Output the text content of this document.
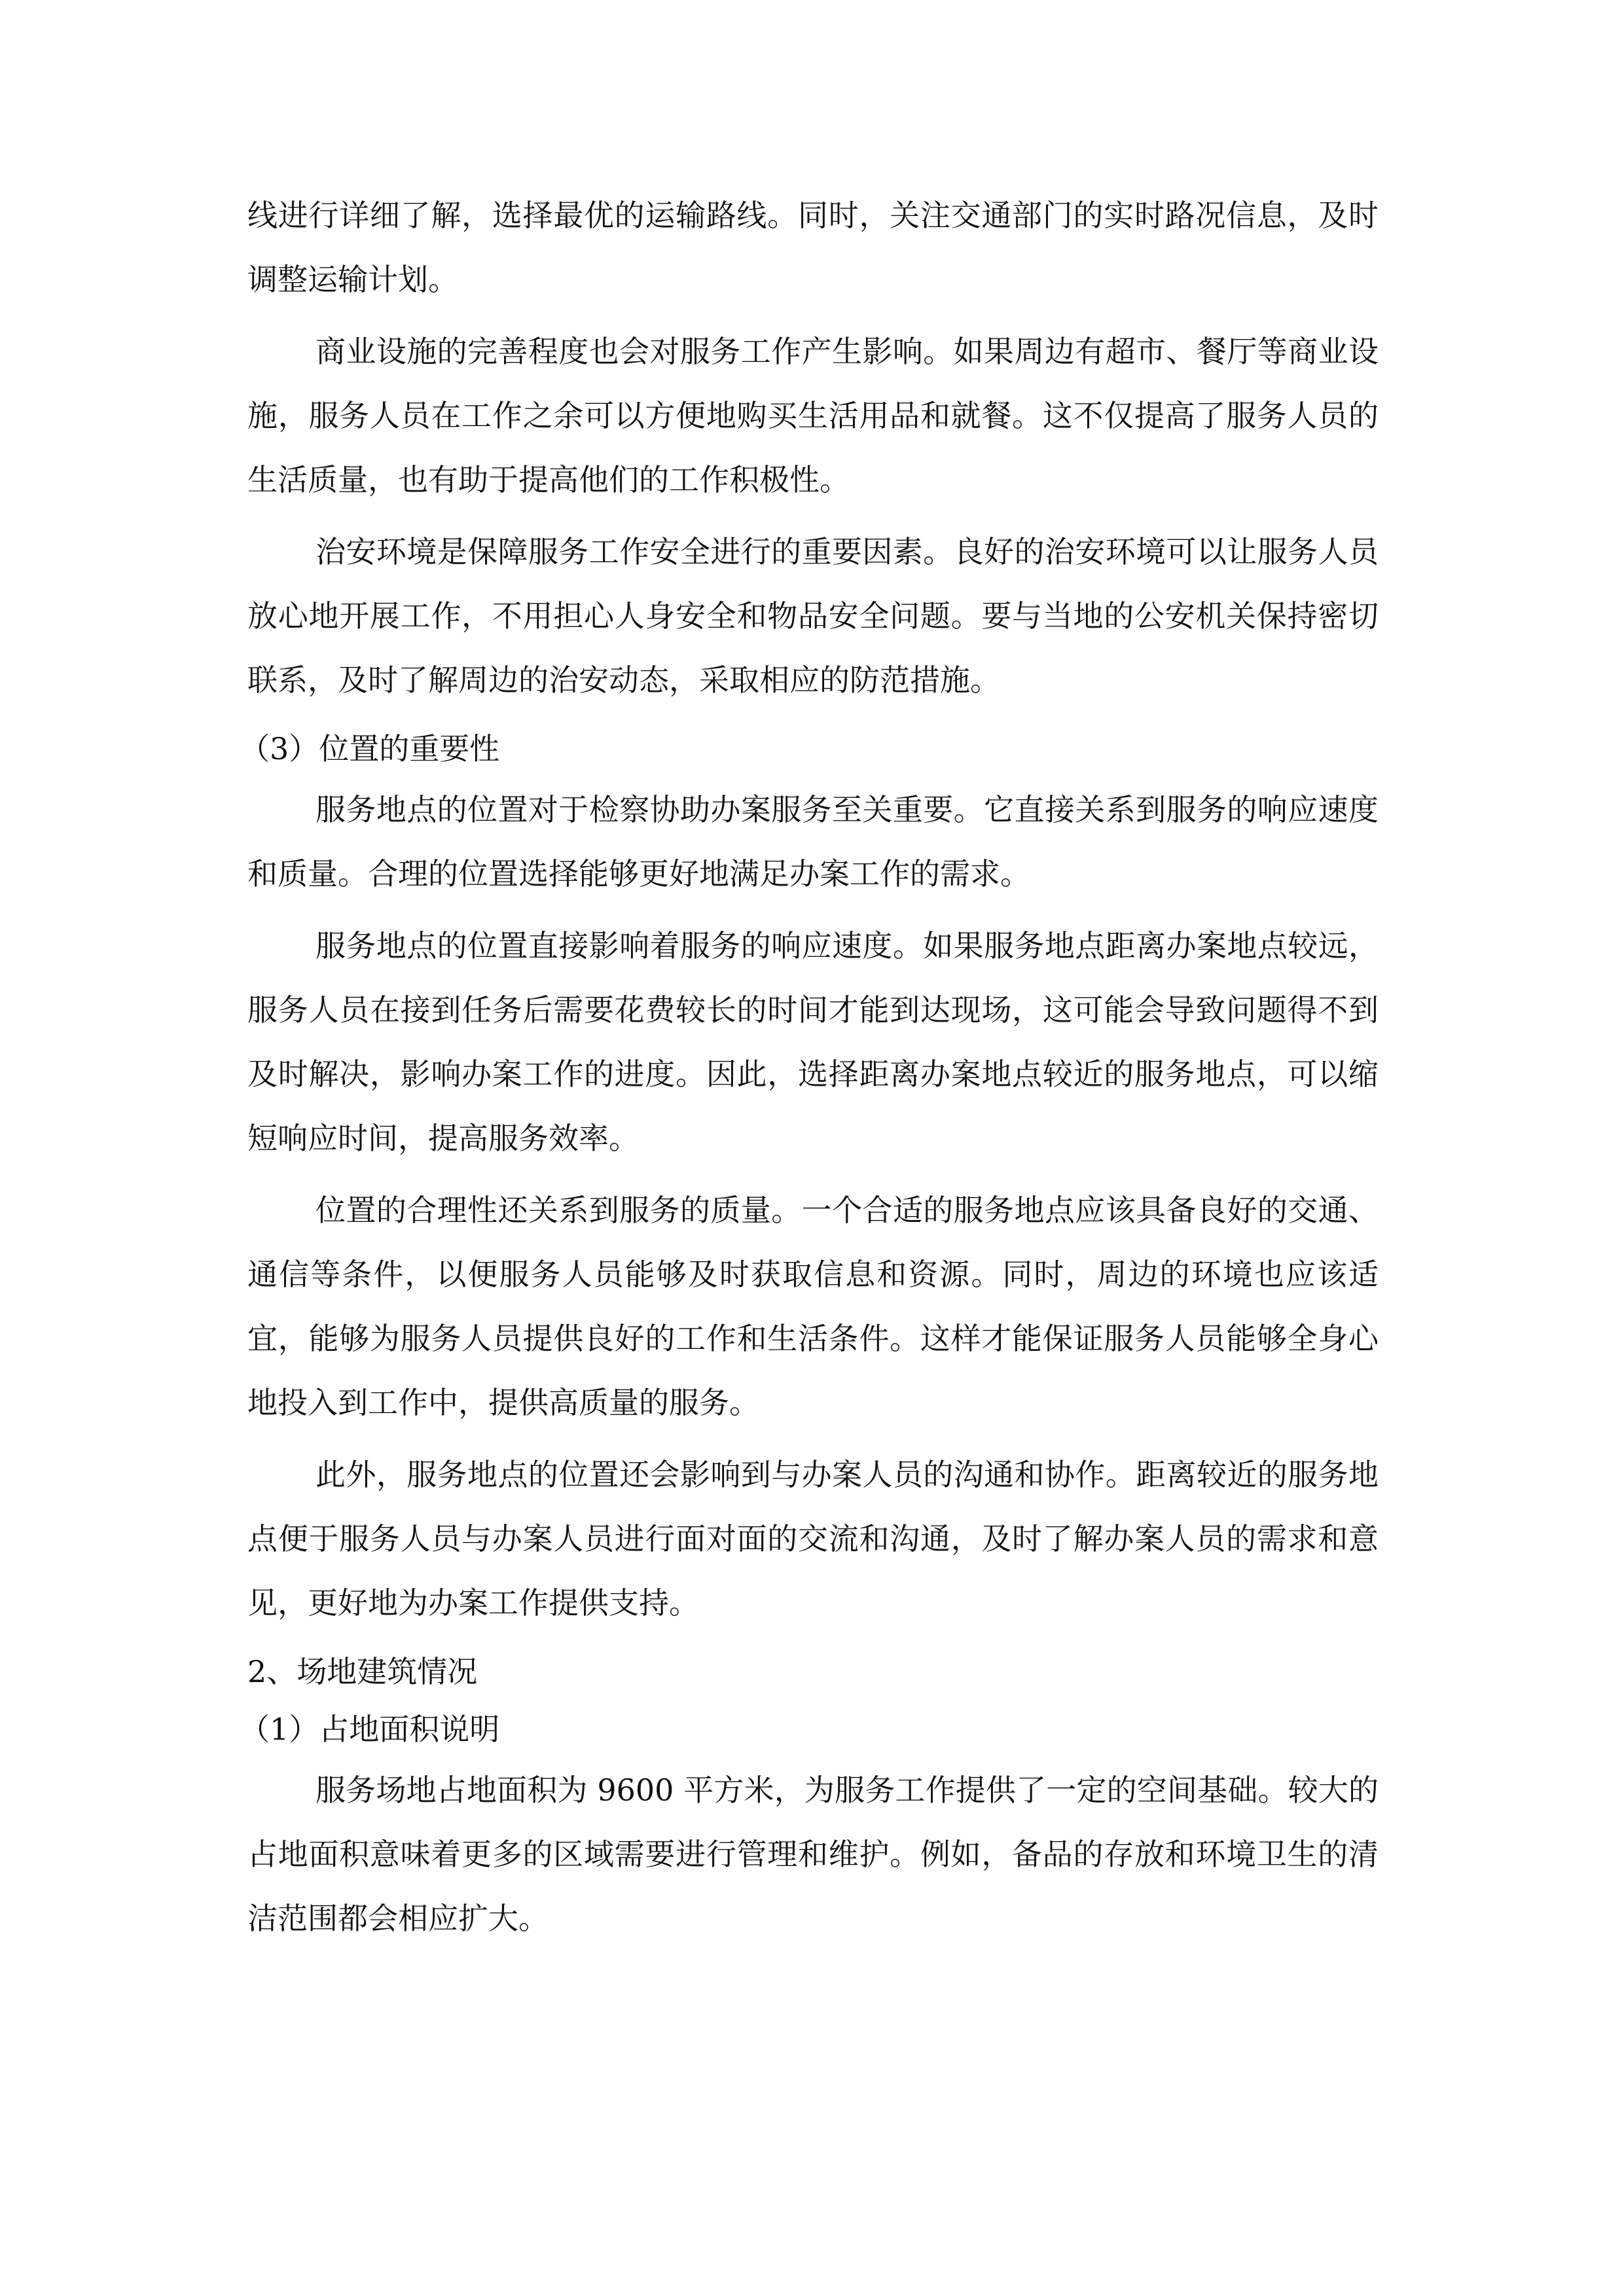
线进行详细了解，选择最优的运输路线。同时，关注交通部门的实时路况信息，及时调整运输计划。

商业设施的完善程度也会对服务工作产生影响。如果周边有超市、餐厅等商业设施，服务人员在工作之余可以方便地购买生活用品和就餐。这不仅提高了服务人员的生活质量，也有助于提高他们的工作积极性。

治安环境是保障服务工作安全进行的重要因素。良好的治安环境可以让服务人员放心地开展工作，不用担心人身安全和物品安全问题。要与当地的公安机关保持密切联系，及时了解周边的治安动态，采取相应的防范措施。

（3）位置的重要性

服务地点的位置对于检察协助办案服务至关重要。它直接关系到服务的响应速度和质量。合理的位置选择能够更好地满足办案工作的需求。

服务地点的位置直接影响着服务的响应速度。如果服务地点距离办案地点较远，服务人员在接到任务后需要花费较长的时间才能到达现场，这可能会导致问题得不到及时解决，影响办案工作的进度。因此，选择距离办案地点较近的服务地点，可以缩短响应时间，提高服务效率。

位置的合理性还关系到服务的质量。一个合适的服务地点应该具备良好的交通、通信等条件，以便服务人员能够及时获取信息和资源。同时，周边的环境也应该适宜，能够为服务人员提供良好的工作和生活条件。这样才能保证服务人员能够全身心地投入到工作中，提供高质量的服务。

此外，服务地点的位置还会影响到与办案人员的沟通和协作。距离较近的服务地点便于服务人员与办案人员进行面对面的交流和沟通，及时了解办案人员的需求和意见，更好地为办案工作提供支持。

2、场地建筑情况

（1）占地面积说明

服务场地占地面积为 9600 平方米，为服务工作提供了一定的空间基础。较大的占地面积意味着更多的区域需要进行管理和维护。例如，备品的存放和环境卫生的清洁范围都会相应扩大。
